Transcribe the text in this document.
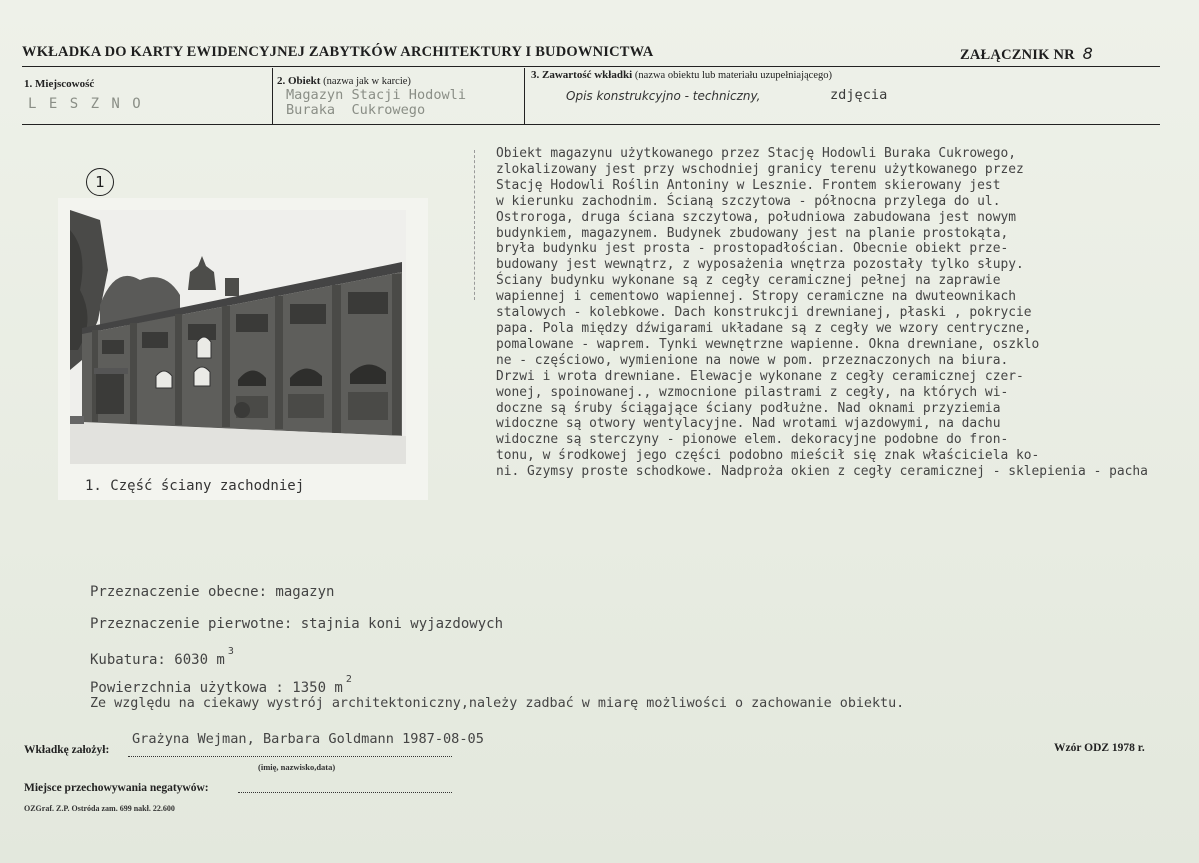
WKŁADKA DO KARTY EWIDENCYJNEJ ZABYTKÓW ARCHITEKTURY I BUDOWNICTWA	ZAŁĄCZNIK NR 8
1. Miejscowość
L E S Z N O
2. Obiekt (nazwa jak w karcie)
Magazyn Stacji Hodowli
Buraka  Cukrowego
3. Zawartość wkładki (nazwa obiektu lub materiału uzupełniającego)
Opis konstrukcyjno - techniczny,	zdjęcia
1
1. Część ściany zachodniej
Obiekt magazynu użytkowanego przez Stację Hodowli Buraka Cukrowego,
zlokalizowany jest przy wschodniej granicy terenu użytkowanego przez
Stację Hodowli Roślin Antoniny w Lesznie. Frontem skierowany jest
w kierunku zachodnim. Ścianą szczytowa - północna przylega do ul.
Ostroroga, druga ściana szczytowa, południowa zabudowana jest nowym
budynkiem, magazynem. Budynek zbudowany jest na planie prostokąta,
bryła budynku jest prosta - prostopadłościan. Obecnie obiekt prze-
budowany jest wewnątrz, z wyposażenia wnętrza pozostały tylko słupy.
Ściany budynku wykonane są z cegły ceramicznej pełnej na zaprawie
wapiennej i cementowo wapiennej. Stropy ceramiczne na dwuteownikach
stalowych - kolebkowe. Dach konstrukcji drewnianej, płaski , pokrycie
papa. Pola między dźwigarami układane są z cegły we wzory centryczne,
pomalowane - waprem. Tynki wewnętrzne wapienne. Okna drewniane, oszklo
ne - częściowo, wymienione na nowe w pom. przeznaczonych na biura.
Drzwi i wrota drewniane. Elewacje wykonane z cegły ceramicznej czer-
wonej, spoinowanej., wzmocnione pilastrami z cegły, na których wi-
doczne są śruby ściągające ściany podłużne. Nad oknami przyziemia
widoczne są otwory wentylacyjne. Nad wrotami wjazdowymi, na dachu
widoczne są sterczyny - pionowe elem. dekoracyjne podobne do fron-
tonu, w środkowej jego części podobno mieścił się znak właściciela ko-
ni. Gzymsy proste schodkowe. Nadproża okien z cegły ceramicznej - sklepienia - pacha
Przeznaczenie obecne: magazyn
Przeznaczenie pierwotne: stajnia koni wyjazdowych
Kubatura: 6030 $m^3$
Powierzchnia użytkowa : 1350 $m^2$
Ze względu na ciekawy wystrój architektoniczny,należy zadbać w miarę możliwości o zachowanie obiektu.
Wkładkę założył:
Grażyna Wejman, Barbara Goldmann 1987-08-05
(imię, nazwisko,data)
Wzór ODZ 1978 r.
Miejsce przechowywania negatywów:
OZGraf. Z.P. Ostróda zam. 699 nakł. 22.600
